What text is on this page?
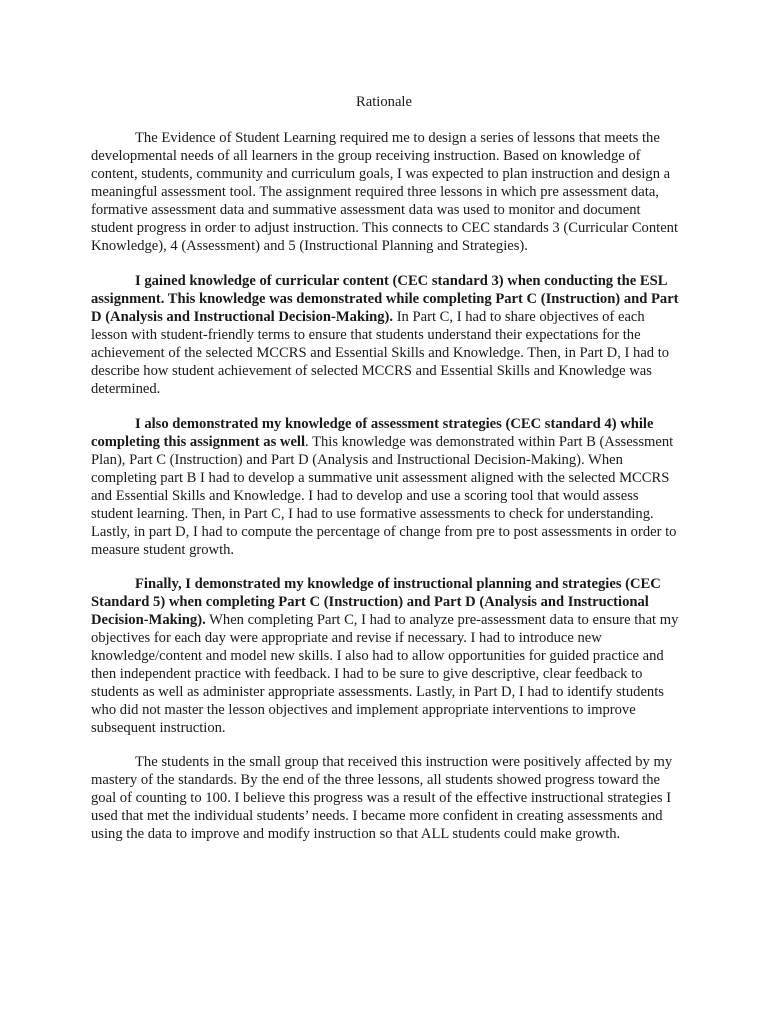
Rationale

The Evidence of Student Learning required me to design a series of lessons that meets the developmental needs of all learners in the group receiving instruction. Based on knowledge of content, students, community and curriculum goals, I was expected to plan instruction and design a meaningful assessment tool. The assignment required three lessons in which pre assessment data, formative assessment data and summative assessment data was used to monitor and document student progress in order to adjust instruction. This connects to CEC standards 3 (Curricular Content Knowledge), 4 (Assessment) and 5 (Instructional Planning and Strategies).

I gained knowledge of curricular content (CEC standard 3) when conducting the ESL assignment. This knowledge was demonstrated while completing Part C (Instruction) and Part D (Analysis and Instructional Decision-Making). In Part C, I had to share objectives of each lesson with student-friendly terms to ensure that students understand their expectations for the achievement of the selected MCCRS and Essential Skills and Knowledge. Then, in Part D, I had to describe how student achievement of selected MCCRS and Essential Skills and Knowledge was determined.

I also demonstrated my knowledge of assessment strategies (CEC standard 4) while completing this assignment as well. This knowledge was demonstrated within Part B (Assessment Plan), Part C (Instruction) and Part D (Analysis and Instructional Decision-Making). When completing part B I had to develop a summative unit assessment aligned with the selected MCCRS and Essential Skills and Knowledge. I had to develop and use a scoring tool that would assess student learning. Then, in Part C, I had to use formative assessments to check for understanding. Lastly, in part D, I had to compute the percentage of change from pre to post assessments in order to measure student growth.

Finally, I demonstrated my knowledge of instructional planning and strategies (CEC Standard 5) when completing Part C (Instruction) and Part D (Analysis and Instructional Decision-Making). When completing Part C, I had to analyze pre-assessment data to ensure that my objectives for each day were appropriate and revise if necessary. I had to introduce new knowledge/content and model new skills. I also had to allow opportunities for guided practice and then independent practice with feedback. I had to be sure to give descriptive, clear feedback to students as well as administer appropriate assessments. Lastly, in Part D, I had to identify students who did not master the lesson objectives and implement appropriate interventions to improve subsequent instruction.

The students in the small group that received this instruction were positively affected by my mastery of the standards. By the end of the three lessons, all students showed progress toward the goal of counting to 100. I believe this progress was a result of the effective instructional strategies I used that met the individual students’ needs. I became more confident in creating assessments and using the data to improve and modify instruction so that ALL students could make growth.
